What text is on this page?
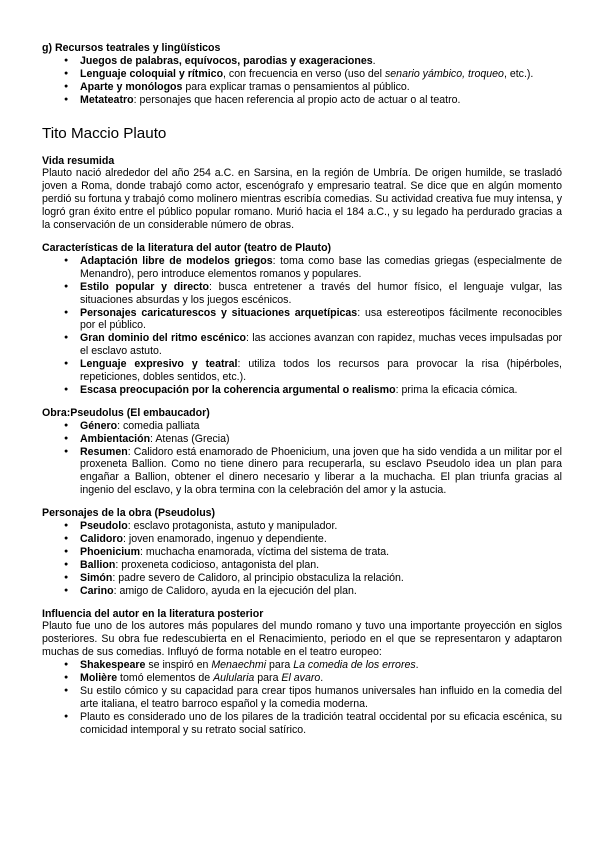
g) Recursos teatrales y lingüísticos

● Juegos de palabras, equívocos, parodias y exageraciones.
● Lenguaje coloquial y rítmico, con frecuencia en verso (uso del senario yámbico, troqueo, etc.).
● Aparte y monólogos para explicar tramas o pensamientos al público.
● Metateatro: personajes que hacen referencia al propio acto de actuar o al teatro.
Tito Maccio Plauto

Vida resumida

Plauto nació alrededor del año 254 a.C. en Sarsina, en la región de Umbría. De origen humilde, se trasladó joven a Roma, donde trabajó como actor, escenógrafo y empresario teatral. Se dice que en algún momento perdió su fortuna y trabajó como molinero mientras escribía comedias. Su actividad creativa fue muy intensa, y logró gran éxito entre el público popular romano. Murió hacia el 184 a.C., y su legado ha perdurado gracias a la conservación de un considerable número de obras.

Características de la literatura del autor (teatro de Plauto)

● Adaptación libre de modelos griegos: toma como base las comedias griegas (especialmente de Menandro), pero introduce elementos romanos y populares.
● Estilo popular y directo: busca entretener a través del humor físico, el lenguaje vulgar, las situaciones absurdas y los juegos escénicos.
● Personajes caricaturescos y situaciones arquetípicas: usa estereotipos fácilmente reconocibles por el público.
● Gran dominio del ritmo escénico: las acciones avanzan con rapidez, muchas veces impulsadas por el esclavo astuto.
● Lenguaje expresivo y teatral: utiliza todos los recursos para provocar la risa (hipérboles, repeticiones, dobles sentidos, etc.).
● Escasa preocupación por la coherencia argumental o realismo: prima la eficacia cómica.

Obra:Pseudolus (El embaucador)

● Género: comedia palliata
● Ambientación: Atenas (Grecia)
● Resumen: Calidoro está enamorado de Phoenicium, una joven que ha sido vendida a un militar por el proxeneta Ballion. Como no tiene dinero para recuperarla, su esclavo Pseudolo idea un plan para engañar a Ballion, obtener el dinero necesario y liberar a la muchacha. El plan triunfa gracias al ingenio del esclavo, y la obra termina con la celebración del amor y la astucia.

Personajes de la obra (Pseudolus)

● Pseudolo: esclavo protagonista, astuto y manipulador.
● Calidoro: joven enamorado, ingenuo y dependiente.
● Phoenicium: muchacha enamorada, víctima del sistema de trata.
● Ballion: proxeneta codicioso, antagonista del plan.
● Simón: padre severo de Calidoro, al principio obstaculiza la relación.
● Carino: amigo de Calidoro, ayuda en la ejecución del plan.

Influencia del autor en la literatura posterior

Plauto fue uno de los autores más populares del mundo romano y tuvo una importante proyección en siglos posteriores. Su obra fue redescubierta en el Renacimiento, periodo en el que se representaron y adaptaron muchas de sus comedias. Influyó de forma notable en el teatro europeo:

● Shakespeare se inspiró en Menaechmi para La comedia de los errores.
● Molière tomó elementos de Aulularia para El avaro.
● Su estilo cómico y su capacidad para crear tipos humanos universales han influido en la comedia del arte italiana, el teatro barroco español y la comedia moderna.
● Plauto es considerado uno de los pilares de la tradición teatral occidental por su eficacia escénica, su comicidad intemporal y su retrato social satírico.
